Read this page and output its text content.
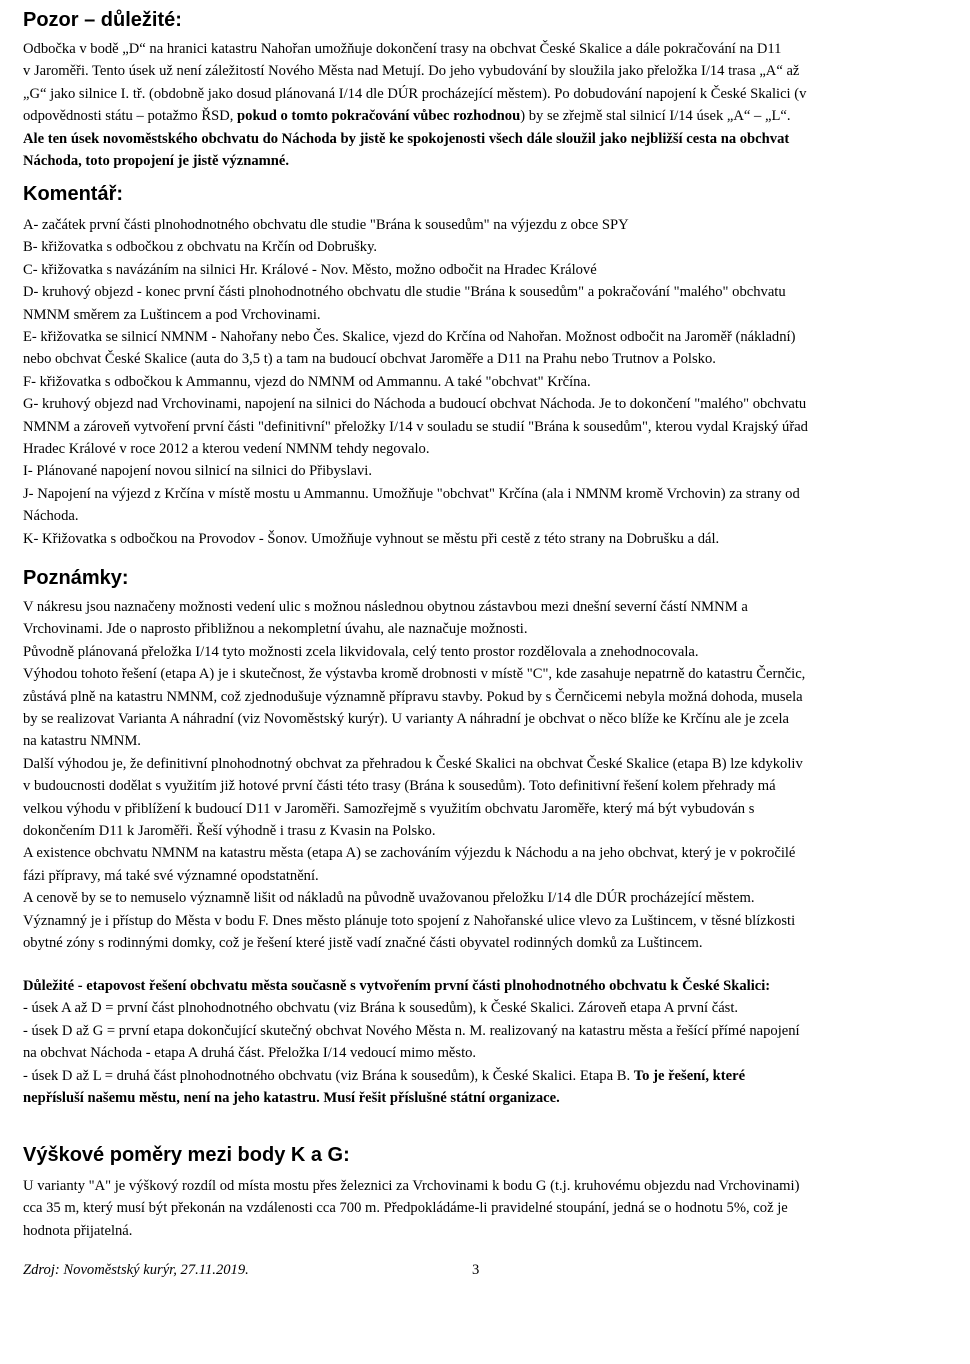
Pozor – důležité:
Odbočka v bodě „D“ na hranici katastru Nahořan umožňuje dokončení trasy na obchvat České Skalice a dále pokračování na D11
v Jaroměři. Tento úsek už není záležitostí Nového Města nad Metují. Do jeho vybudování by sloužila jako přeložka I/14 trasa „A“ až
„G“ jako silnice I. tř. (obdobně jako dosud plánovaná I/14 dle DÚR procházející městem). Po dobudování napojení k České Skalici (v
odpovědnosti státu – potažmo ŘSD, pokud o tomto pokračování vůbec rozhodnou) by se zřejmě stal silnicí I/14 úsek „A“ – „L“.
Ale ten úsek novoměstského obchvatu do Náchoda by jistě ke spokojenosti všech dále sloužil jako nejbližší cesta na obchvat
Náchoda, toto propojení je jistě významné.
Komentář:
A- začátek první části plnohodnotného obchvatu dle studie "Brána k sousedům" na výjezdu z obce SPY
B- křižovatka s odbočkou z obchvatu na Krčín od Dobrušky.
C- křižovatka s navázáním na silnici Hr. Králové - Nov. Město, možno odbočit na Hradec Králové
D- kruhový objezd - konec první části plnohodnotného obchvatu dle studie "Brána k sousedům" a pokračování "malého" obchvatu
NMNM směrem za Luštincem a pod Vrchovinami.
E- křižovatka se silnicí NMNM - Nahořany nebo Čes. Skalice, vjezd do Krčína od Nahořan. Možnost odbočit na Jaroměř (nákladní)
nebo obchvat České Skalice (auta do 3,5 t) a tam na budoucí obchvat Jaroměře a D11 na Prahu nebo Trutnov a Polsko.
F- křižovatka s odbočkou k Ammannu, vjezd do NMNM od Ammannu. A také "obchvat" Krčína.
G- kruhový objezd nad Vrchovinami, napojení na silnici do Náchoda a budoucí obchvat Náchoda. Je to dokončení "malého" obchvatu
NMNM a zároveň vytvoření první části "definitivní" přeložky I/14 v souladu se studií "Brána k sousedům", kterou vydal Krajský úřad
Hradec Králové v roce 2012 a kterou vedení NMNM tehdy negovalo.
I- Plánované napojení novou silnicí na silnici do Přibyslavi.
J- Napojení na výjezd z Krčína v místě mostu u Ammannu. Umožňuje "obchvat" Krčína (ala i NMNM kromě Vrchovin) za strany od
Náchoda.
K- Křižovatka s odbočkou na Provodov - Šonov. Umožňuje vyhnout se městu při cestě z této strany na Dobrušku a dál.
Poznámky:
V nákresu jsou naznačeny možnosti vedení ulic s možnou následnou obytnou zástavbou mezi dnešní severní částí NMNM a
Vrchovinami. Jde o naprosto přibližnou a nekompletní úvahu, ale naznačuje možnosti.
Původně plánovaná přeložka I/14 tyto možnosti zcela likvidovala, celý tento prostor rozdělovala a znehodnocovala.
Výhodou tohoto řešení (etapa A) je i skutečnost, že výstavba kromě drobnosti v místě "C", kde zasahuje nepatrně do katastru Černčic,
zůstává plně na katastru NMNM, což zjednodušuje významně přípravu stavby. Pokud by s Černčicemi nebyla možná dohoda, musela
by se realizovat Varianta A náhradní (viz Novoměstský kurýr). U varianty A náhradní je obchvat o něco blíže ke Krčínu ale je zcela
na katastru NMNM.
Další výhodou je, že definitivní plnohodnotný obchvat za přehradou k České Skalici na obchvat České Skalice (etapa B) lze kdykoliv
v budoucnosti dodělat s využitím již hotové první části této trasy (Brána k sousedům). Toto definitivní řešení kolem přehrady má
velkou výhodu v přiblížení k budoucí D11 v Jaroměři. Samozřejmě s využitím obchvatu Jaroměře, který má být vybudován s
dokončením D11 k Jaroměři. Řeší výhodně i trasu z Kvasin na Polsko.
A existence obchvatu NMNM na katastru města (etapa A) se zachováním výjezdu k Náchodu a na jeho obchvat, který je v pokročilé
fázi přípravy, má také své významné opodstatnění.
A cenově by se to nemuselo významně lišit od nákladů na původně uvažovanou přeložku I/14 dle DÚR procházející městem.
Významný je i přístup do Města v bodu F. Dnes město plánuje toto spojení z Nahořanské ulice vlevo za Luštincem, v těsné blízkosti
obytné zóny s rodinnými domky, což je řešení které jistě vadí značné části obyvatel rodinných domků za Luštincem.
Důležité - etapovost řešení obchvatu města současně s vytvořením první části plnohodnotného obchvatu k České Skalici:
- úsek A až D = první část plnohodnotného obchvatu (viz Brána k sousedům), k České Skalici. Zároveň etapa A první část.
- úsek D až G = první etapa dokončující skutečný obchvat Nového Města n. M. realizovaný na katastru města a řešící přímé napojení
na obchvat Náchoda - etapa A druhá část. Přeložka I/14 vedoucí mimo město.
- úsek D až L = druhá část plnohodnotného obchvatu (viz Brána k sousedům), k České Skalici. Etapa B. To je řešení, které
nepřísluší našemu městu, není na jeho katastru. Musí řešit příslušné státní organizace.
Výškové poměry mezi body K a G:
U varianty "A" je výškový rozdíl od místa mostu přes železnici za Vrchovinami k bodu G (t.j. kruhovému objezdu nad Vrchovinami)
cca 35 m, který musí být překonán na vzdálenosti cca 700 m. Předpokládáme-li pravidelné stoupání, jedná se o hodnotu 5%, což je
hodnota přijatelná.
Zdroj: Novoměstský kurýr, 27.11.2019.	3
